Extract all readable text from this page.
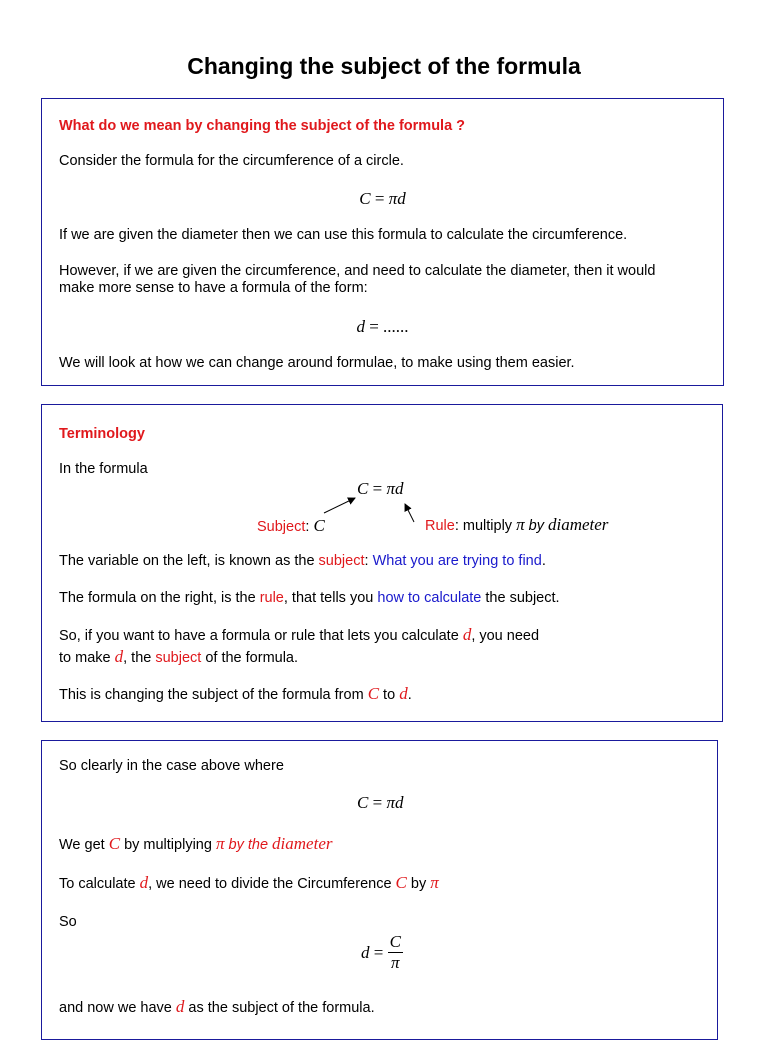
Changing the subject of the formula
What do we mean by changing the subject of the formula ?
Consider the formula for the circumference of a circle.
C = πd
If we are given the diameter then we can use this formula to calculate the circumference.
However, if we are given the circumference, and need to calculate the diameter, then it would
make more sense to have a formula of the form:
d = ......
We will look at how we can change around formulae, to make using them easier.
Terminology
In the formula
C = πd
Subject: C	Rule: multiply π by diameter
The variable on the left, is known as the subject: What you are trying to find.
The formula on the right, is the rule, that tells you how to calculate the subject.
So, if you want to have a formula or rule that lets you calculate d, you need
to make d, the subject of the formula.
This is changing the subject of the formula from C to d.
So clearly in the case above where
C = πd
We get C by multiplying π by the diameter
To calculate d, we need to divide the Circumference C by π
So
$d = \frac{C}{\pi}$
and now we have d as the subject of the formula.
